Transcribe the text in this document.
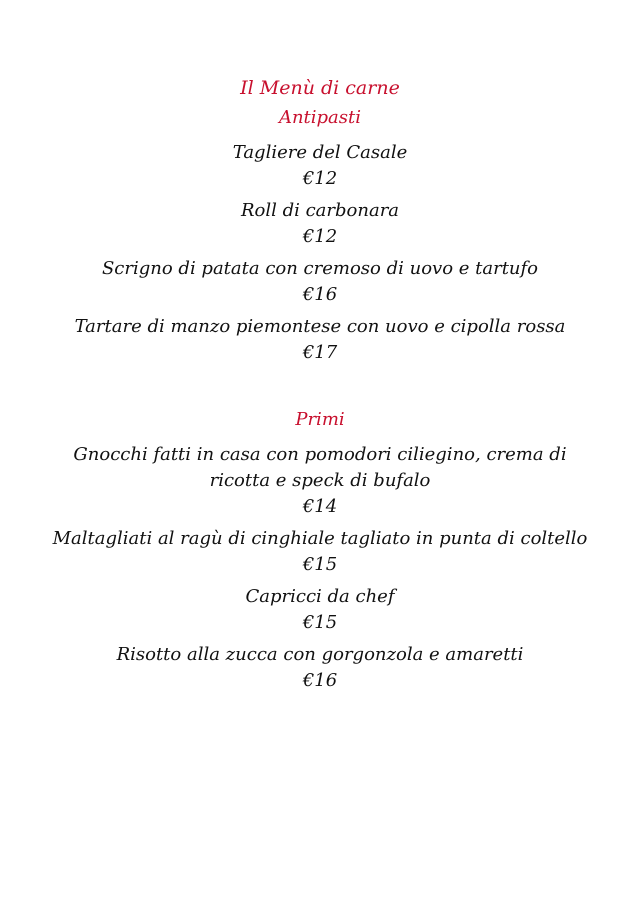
Il Menù di carne
Antipasti
Tagliere del Casale
€12
Roll di carbonara
€12
Scrigno di patata con cremoso di uovo e tartufo
€16
Tartare di manzo piemontese con uovo e cipolla rossa
€17
Primi
Gnocchi fatti in casa con pomodori ciliegino, crema di ricotta e speck di bufalo
€14
Maltagliati al ragù di cinghiale tagliato in punta di coltello
€15
Capricci da chef
€15
Risotto alla zucca con gorgonzola e amaretti
€16
